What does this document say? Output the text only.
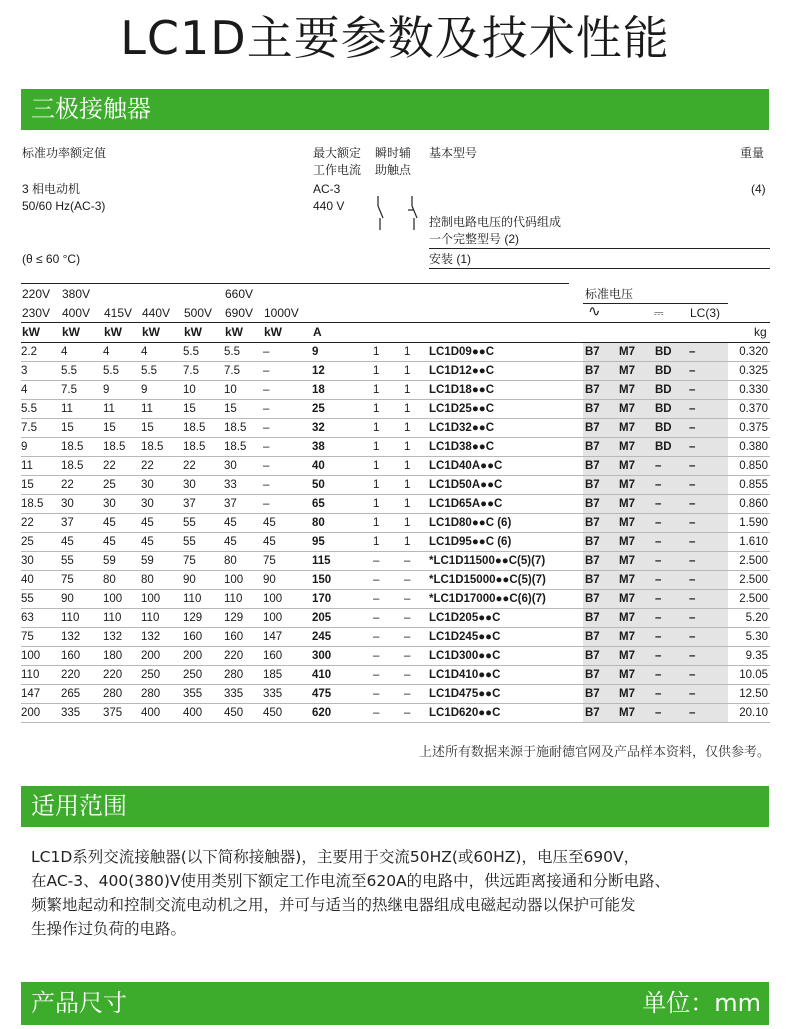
LC1D主要参数及技术性能
三极接触器
标准功率额定值	最大额定
工作电流
瞬时辅
助触点
基本型号	重量
3 相电动机
50/60 Hz(AC-3)
AC-3
440 V
(4)
控制电路电压的代码组成
一个完整型号 (2)
(θ ≤ 60 °C)	安装 (1)
220V 380V	660V	标准电压
230V 400V 415V 440V 500V 690V 1000V	∿	⎓ LC(3)
kW kW kW kW kW kW kW	A	kg
2.2	4	4	4	5.5	5.5	–	9	1	1	LC1D09●●C	B7	M7	BD	–	0.320
3	5.5	5.5	5.5	7.5	7.5	–	12	1	1	LC1D12●●C	B7	M7	BD	–	0.325
4	7.5	9	9	10	10	–	18	1	1	LC1D18●●C	B7	M7	BD	–	0.330
5.5	11	11	11	15	15	–	25	1	1	LC1D25●●C	B7	M7	BD	–	0.370
7.5	15	15	15	18.5	18.5	–	32	1	1	LC1D32●●C	B7	M7	BD	–	0.375
9	18.5	18.5	18.5	18.5	18.5	–	38	1	1	LC1D38●●C	B7	M7	BD	–	0.380
11	18.5	22	22	22	30	–	40	1	1	LC1D40A●●C	B7	M7	–	–	0.850
15	22	25	30	30	33	–	50	1	1	LC1D50A●●C	B7	M7	–	–	0.855
18.5	30	30	30	37	37	–	65	1	1	LC1D65A●●C	B7	M7	–	–	0.860
22	37	45	45	55	45	45	80	1	1	LC1D80●●C (6)	B7	M7	–	–	1.590
25	45	45	45	55	45	45	95	1	1	LC1D95●●C (6)	B7	M7	–	–	1.610
30	55	59	59	75	80	75	115	–	–	*LC1D11500●●C(5)(7)	B7	M7	–	–	2.500
40	75	80	80	90	100	90	150	–	–	*LC1D15000●●C(5)(7)	B7	M7	–	–	2.500
55	90	100	100	110	110	100	170	–	–	*LC1D17000●●C(6)(7)	B7	M7	–	–	2.500
63	110	110	110	129	129	100	205	–	–	LC1D205●●C	B7	M7	–	–	5.20
75	132	132	132	160	160	147	245	–	–	LC1D245●●C	B7	M7	–	–	5.30
100	160	180	200	200	220	160	300	–	–	LC1D300●●C	B7	M7	–	–	9.35
110	220	220	250	250	280	185	410	–	–	LC1D410●●C	B7	M7	–	–	10.05
147	265	280	280	355	335	335	475	–	–	LC1D475●●C	B7	M7	–	–	12.50
200	335	375	400	400	450	450	620	–	–	LC1D620●●C	B7	M7	–	–	20.10
上述所有数据来源于施耐德官网及产品样本资料，仅供参考。
适用范围

LC1D系列交流接触器(以下简称接触器)，主要用于交流50HZ(或60HZ)，电压至690V，

在AC-3、400(380)V使用类别下额定工作电流至620A的电路中，供远距离接通和分断电路、

频繁地起动和控制交流电动机之用，并可与适当的热继电器组成电磁起动器以保护可能发

生操作过负荷的电路。

产品尺寸	单位：mm
